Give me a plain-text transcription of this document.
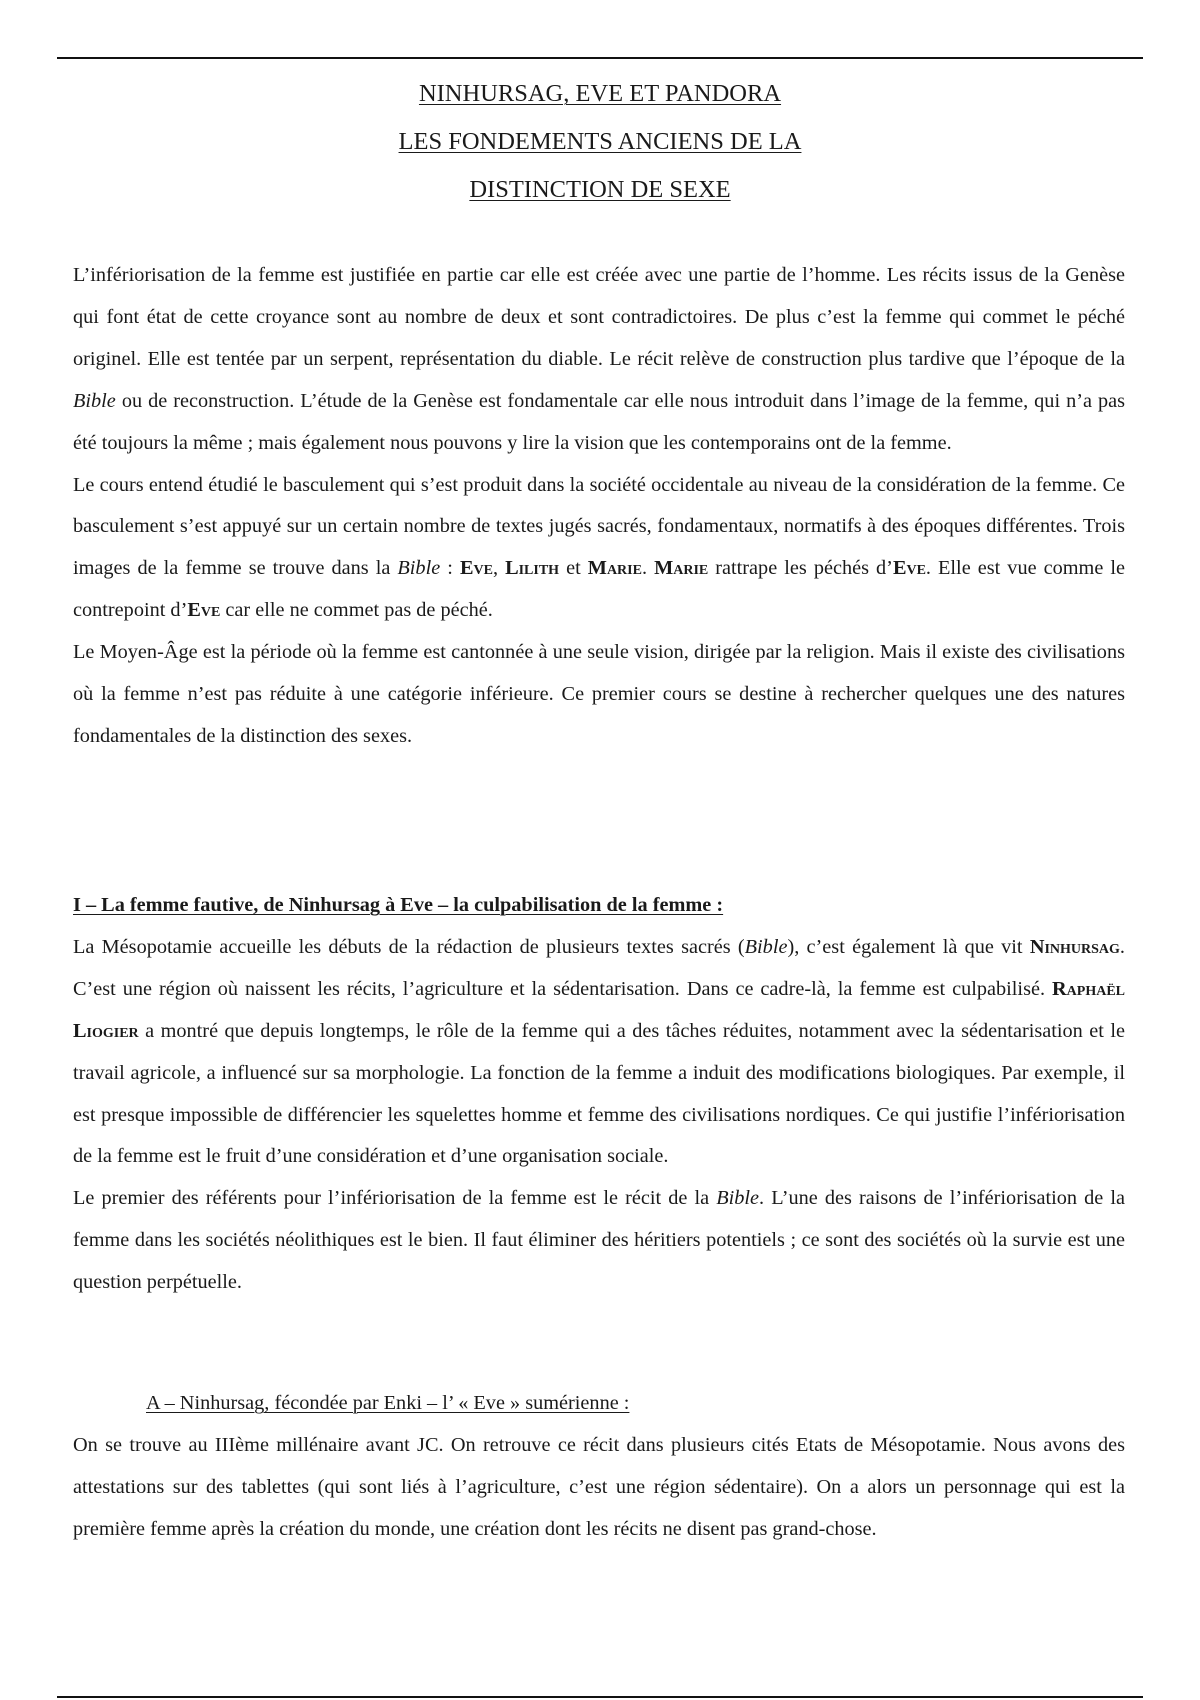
NINHURSAG, EVE ET PANDORA
LES FONDEMENTS ANCIENS DE LA
DISTINCTION DE SEXE

L’infériorisation de la femme est justifiée en partie car elle est créée avec une partie de l’homme. Les récits issus de la Genèse qui font état de cette croyance sont au nombre de deux et sont contradictoires. De plus c’est la femme qui commet le péché originel. Elle est tentée par un serpent, représentation du diable. Le récit relève de construction plus tardive que l’époque de la Bible ou de reconstruction. L’étude de la Genèse est fondamentale car elle nous introduit dans l’image de la femme, qui n’a pas été toujours la même ; mais également nous pouvons y lire la vision que les contemporains ont de la femme.

Le cours entend étudié le basculement qui s’est produit dans la société occidentale au niveau de la considération de la femme. Ce basculement s’est appuyé sur un certain nombre de textes jugés sacrés, fondamentaux, normatifs à des époques différentes. Trois images de la femme se trouve dans la Bible : Eve, Lilith et Marie. Marie rattrape les péchés d’Eve. Elle est vue comme le contrepoint d’Eve car elle ne commet pas de péché.

Le Moyen-Âge est la période où la femme est cantonnée à une seule vision, dirigée par la religion. Mais il existe des civilisations où la femme n’est pas réduite à une catégorie inférieure. Ce premier cours se destine à rechercher quelques une des natures fondamentales de la distinction des sexes.

I – La femme fautive, de Ninhursag à Eve – la culpabilisation de la femme :

La Mésopotamie accueille les débuts de la rédaction de plusieurs textes sacrés (Bible), c’est également là que vit Ninhursag. C’est une région où naissent les récits, l’agriculture et la sédentarisation. Dans ce cadre-là, la femme est culpabilisé. Raphaël Liogier a montré que depuis longtemps, le rôle de la femme qui a des tâches réduites, notamment avec la sédentarisation et le travail agricole, a influencé sur sa morphologie. La fonction de la femme a induit des modifications biologiques. Par exemple, il est presque impossible de différencier les squelettes homme et femme des civilisations nordiques. Ce qui justifie l’infériorisation de la femme est le fruit d’une considération et d’une organisation sociale.

Le premier des référents pour l’infériorisation de la femme est le récit de la Bible. L’une des raisons de l’infériorisation de la femme dans les sociétés néolithiques est le bien. Il faut éliminer des héritiers potentiels ; ce sont des sociétés où la survie est une question perpétuelle.

A – Ninhursag, fécondée par Enki – l’ « Eve » sumérienne :

On se trouve au IIIème millénaire avant JC. On retrouve ce récit dans plusieurs cités Etats de Mésopotamie. Nous avons des attestations sur des tablettes (qui sont liés à l’agriculture, c’est une région sédentaire). On a alors un personnage qui est la première femme après la création du monde, une création dont les récits ne disent pas grand-chose.
